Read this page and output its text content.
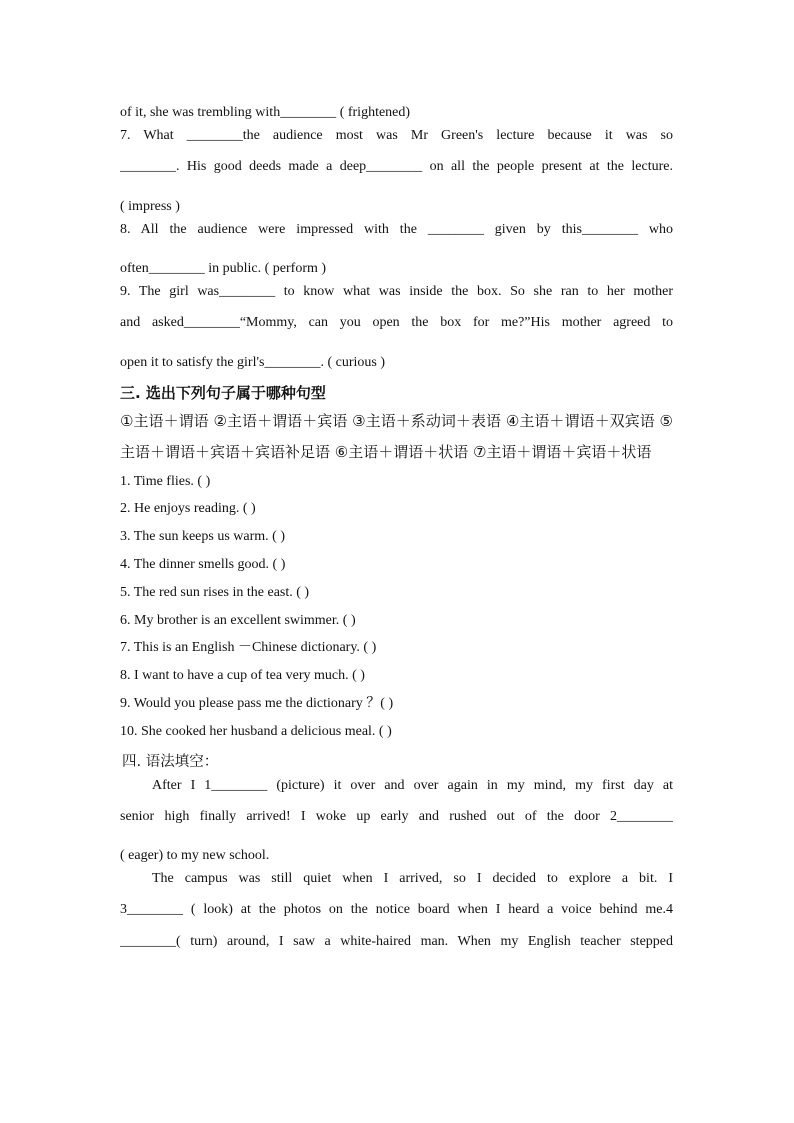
of it, she was trembling with________ ( frightened)
7. What ________the audience most was Mr Green's lecture because it was so
________. His good deeds made a deep________ on all the people present at the lecture.
( impress )
8. All the audience were impressed with the ________ given by this________ who
often________ in public. ( perform )
9. The girl was________ to know what was inside the box. So she ran to her mother
and asked________“Mommy, can you open the box for me?”His mother agreed to
open it to satisfy the girl's________. ( curious )
三. 选出下列句子属于哪种句型
①主语＋谓语 ②主语＋谓语＋宾语 ③主语＋系动词＋表语 ④主语＋谓语＋双宾语 ⑤主语＋谓语＋宾语＋宾语补足语 ⑥主语＋谓语＋状语 ⑦主语＋谓语＋宾语＋状语
1. Time flies. ( )
2. He enjoys reading. ( )
3. The sun keeps us warm. ( )
4. The dinner smells good. ( )
5. The red sun rises in the east. ( )
6. My brother is an excellent swimmer. ( )
7. This is an English －Chinese dictionary. ( )
8. I want to have a cup of tea very much. ( )
9. Would you please pass me the dictionary ？( )
10. She cooked her husband a delicious meal. ( )
四. 语法填空：
After I 1________ (picture) it over and over again in my mind, my first day at
senior high finally arrived! I woke up early and rushed out of the door 2________
( eager) to my new school.
The campus was still quiet when I arrived, so I decided to explore a bit. I
3________ ( look) at the photos on the notice board when I heard a voice behind me.4
________( turn) around, I saw a white-haired man. When my English teacher stepped
